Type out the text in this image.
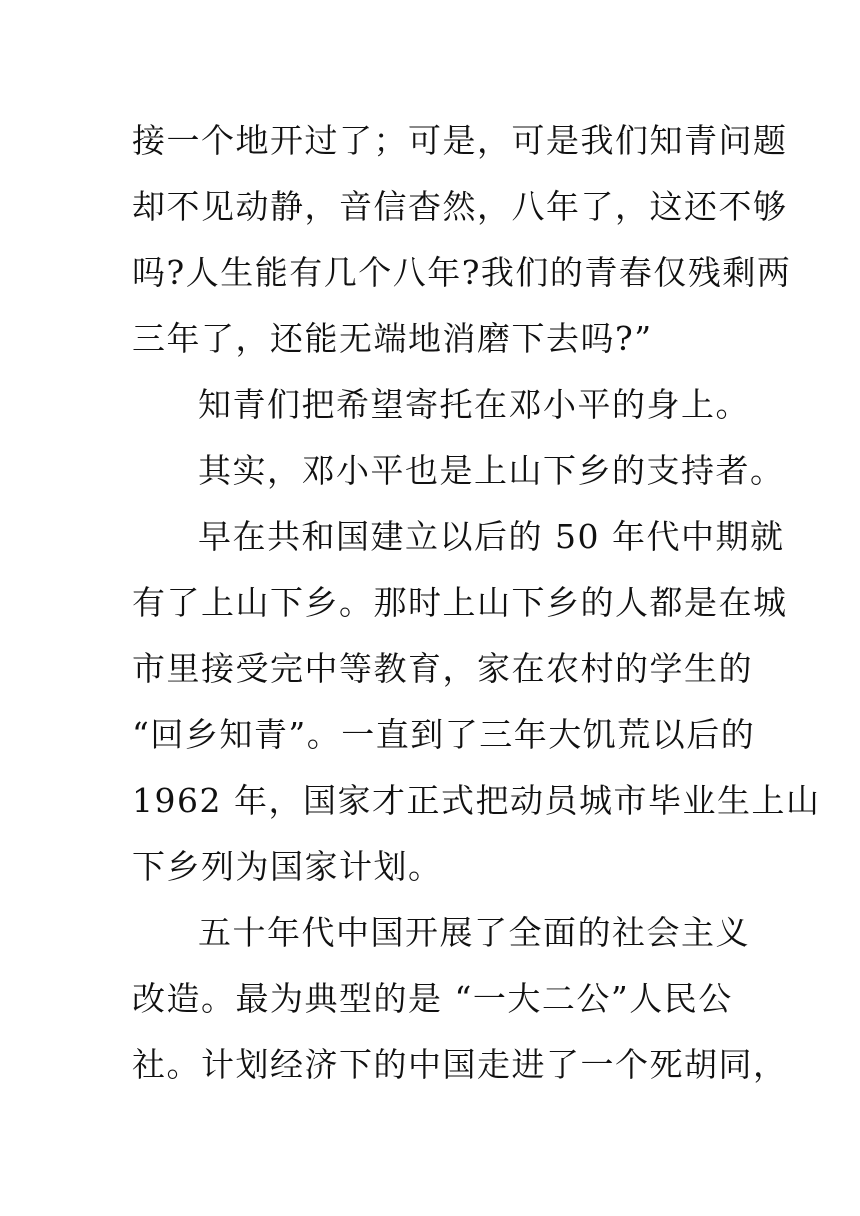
接一个地开过了；可是，可是我们知青问题
却不见动静，音信杳然，八年了，这还不够
吗?人生能有几个八年?我们的青春仅残剩两
三年了，还能无端地消磨下去吗?”
知青们把希望寄托在邓小平的身上。
其实，邓小平也是上山下乡的支持者。
早在共和国建立以后的 50 年代中期就
有了上山下乡。那时上山下乡的人都是在城
市里接受完中等教育，家在农村的学生的
“回乡知青”。一直到了三年大饥荒以后的
1962 年，国家才正式把动员城市毕业生上山
下乡列为国家计划。
五十年代中国开展了全面的社会主义
改造。最为典型的是 “一大二公”人民公
社。计划经济下的中国走进了一个死胡同，
